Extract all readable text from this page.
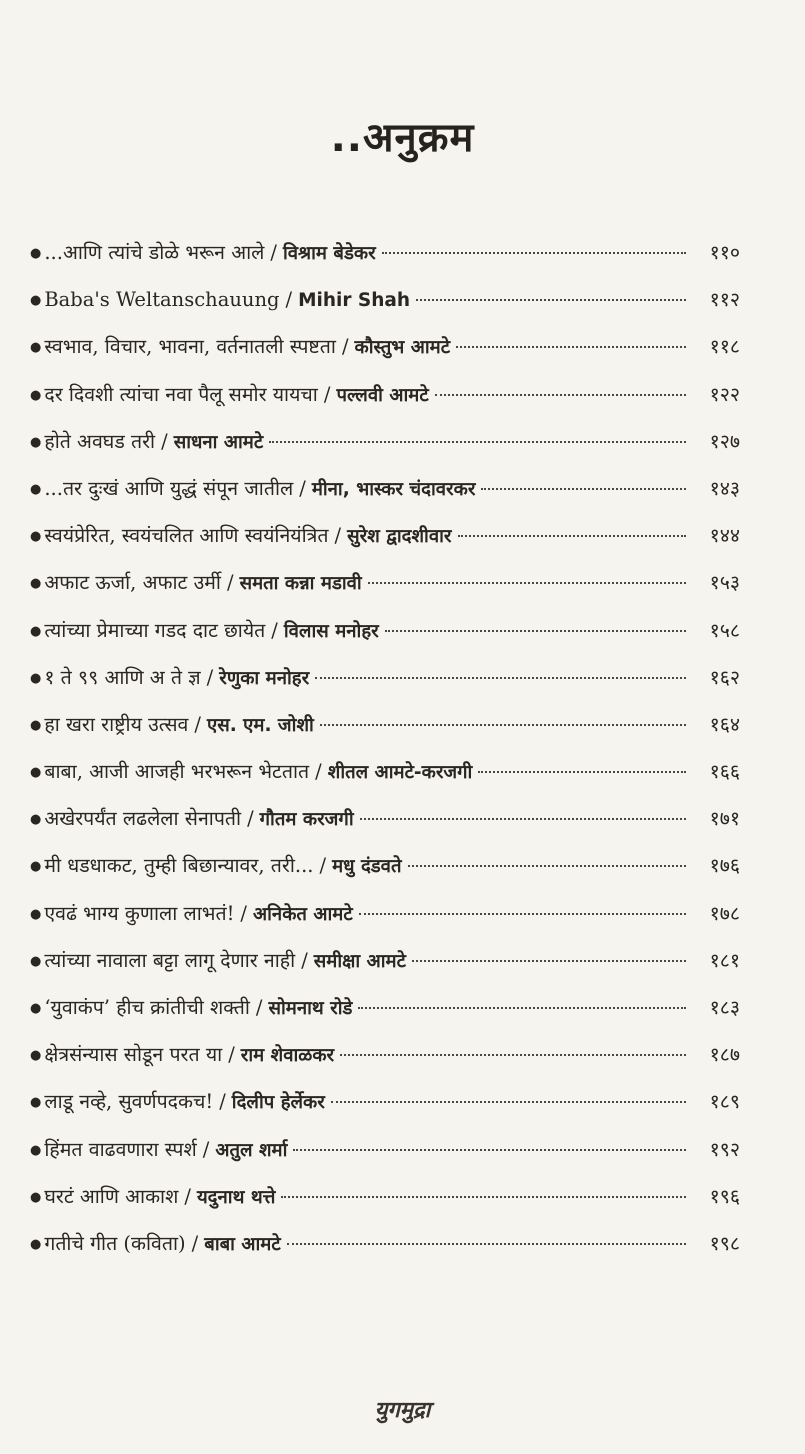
..अनुक्रम
● ...आणि त्यांचे डोळे भरून आले / विश्राम बेडेकर	११०
● Baba's Weltanschauung / Mihir Shah	११२
● स्वभाव, विचार, भावना, वर्तनातली स्पष्टता / कौस्तुभ आमटे	११८
● दर दिवशी त्यांचा नवा पैलू समोर यायचा / पल्लवी आमटे	१२२
● होते अवघड तरी / साधना आमटे	१२७
● ...तर दुःखं आणि युद्धं संपून जातील / मीना, भास्कर चंदावरकर	१४३
● स्वयंप्रेरित, स्वयंचलित आणि स्वयंनियंत्रित / सुरेश द्वादशीवार	१४४
● अफाट ऊर्जा, अफाट उर्मी / समता कन्ना मडावी	१५३
● त्यांच्या प्रेमाच्या गडद दाट छायेत / विलास मनोहर	१५८
● १ ते ९९ आणि अ ते ज्ञ / रेणुका मनोहर	१६२
● हा खरा राष्ट्रीय उत्सव / एस. एम. जोशी	१६४
● बाबा, आजी आजही भरभरून भेटतात / शीतल आमटे-करजगी	१६६
● अखेरपर्यंत लढलेला सेनापती / गौतम करजगी	१७१
● मी धडधाकट, तुम्ही बिछान्यावर, तरी... / मधु दंडवते	१७६
● एवढं भाग्य कुणाला लाभतं! / अनिकेत आमटे	१७८
● त्यांच्या नावाला बट्टा लागू देणार नाही / समीक्षा आमटे	१८१
● ‘युवाकंप’ हीच क्रांतीची शक्ती / सोमनाथ रोडे	१८३
● क्षेत्रसंन्यास सोडून परत या / राम शेवाळकर	१८७
● लाडू नव्हे, सुवर्णपदकच! / दिलीप हेर्लेकर	१८९
● हिंमत वाढवणारा स्पर्श / अतुल शर्मा	१९२
● घरटं आणि आकाश / यदुनाथ थत्ते	१९६
● गतीचे गीत (कविता) / बाबा आमटे	१९८
युगमुद्रा
